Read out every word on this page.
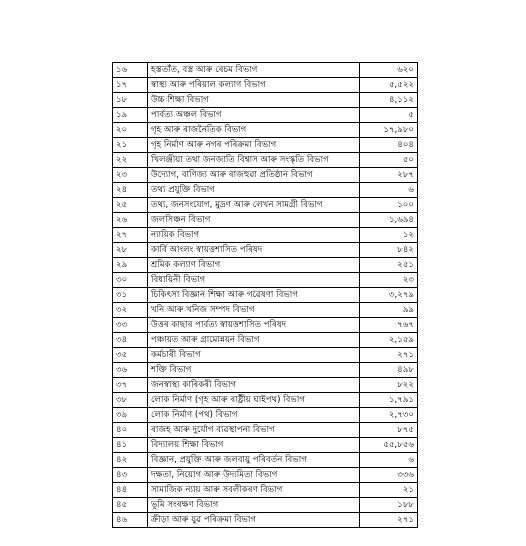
১৬	হস্ততাঁত, বস্ত্র আৰু ৰেচম বিভাগ	৬২০
১৭	স্বাস্থ্য আৰু পৰিয়াল কল্যাণ বিভাগ	৫,৫২২
১৮	উচ্চ শিক্ষা বিভাগ	৪,১১২
১৯	পাৰ্বত্য অঞ্চল বিভাগ	৫
২০	গৃহ আৰু ৰাজনৈতিক বিভাগ	১৭,৯৮০
২১	গৃহ নিৰ্মাণ আৰু নগৰ পৰিক্ৰমা বিভাগ	৪০৪
২২	খিলঞ্জীয়া তথা জনজাতি বিশ্বাস আৰু সংস্কৃতি বিভাগ	৫০
২৩	উদ্যোগ, বাণিজ্য আৰু ৰাজহুৱা প্ৰতিষ্ঠান বিভাগ	২৮৭
২৪	তথ্য প্ৰযুক্তি বিভাগ	৬
২৫	তথ্য, জনসংযোগ, মুদ্ৰণ আৰু লেখন সামগ্ৰী বিভাগ	১০০
২৬	জলসিঞ্চন বিভাগ	১,৬৯৪
২৭	ন্যায়িক বিভাগ	১২
২৮	কাৰ্বি আংলং স্বায়ত্তশাসিত পৰিষদ	৮৪২
২৯	শ্ৰমিক কল্যাণ বিভাগ	২৫১
৩০	বিধায়িনী বিভাগ	২৩
৩১	চিকিৎসা বিজ্ঞান শিক্ষা আৰু গৱেষণা বিভাগ	৩,২৭৯
৩২	খনি আৰু খনিজ সম্পদ বিভাগ	৯৯
৩৩	উত্তৰ কাছাৰ পাৰ্বত্য স্বায়ত্তশাসিত পৰিষদ	৭৬৭
৩৪	পঞ্চায়ত আৰু গ্ৰামোন্নয়ন বিভাগ	২,১৫৯
৩৫	কৰ্মচাৰী বিভাগ	২৭১
৩৬	শক্তি বিভাগ	৪৯৮
৩৭	জনস্বাস্থ্য কাৰিকৰী বিভাগ	৮২২
৩৮	লোক নিৰ্মাণ (গৃহ আৰু ৰাষ্ট্ৰীয় ঘাইপথ) বিভাগ	১,৭৯১
৩৯	লোক নিৰ্মাণ (পথ) বিভাগ	২,৭৩০
৪০	ৰাজহ আৰু দুৰ্যোগ ব্যৱস্থাপনা বিভাগ	৮৭৫
৪১	বিদ্যালয় শিক্ষা বিভাগ	৫৫,৮৫৬
৪২	বিজ্ঞান, প্ৰযুক্তি আৰু জলবায়ু পৰিবৰ্তন বিভাগ	৬
৪৩	দক্ষতা, নিয়োগ আৰু উদ্যমিতা বিভাগ	৩৩৬
৪৪	সামাজিক ন্যায় আৰু সবলীকৰণ বিভাগ	২১
৪৫	ভূমি সংৰক্ষণ বিভাগ	১৮৮
৪৬	ক্ৰীড়া আৰু যুৱ পৰিক্ৰমা বিভাগ	২৭১
